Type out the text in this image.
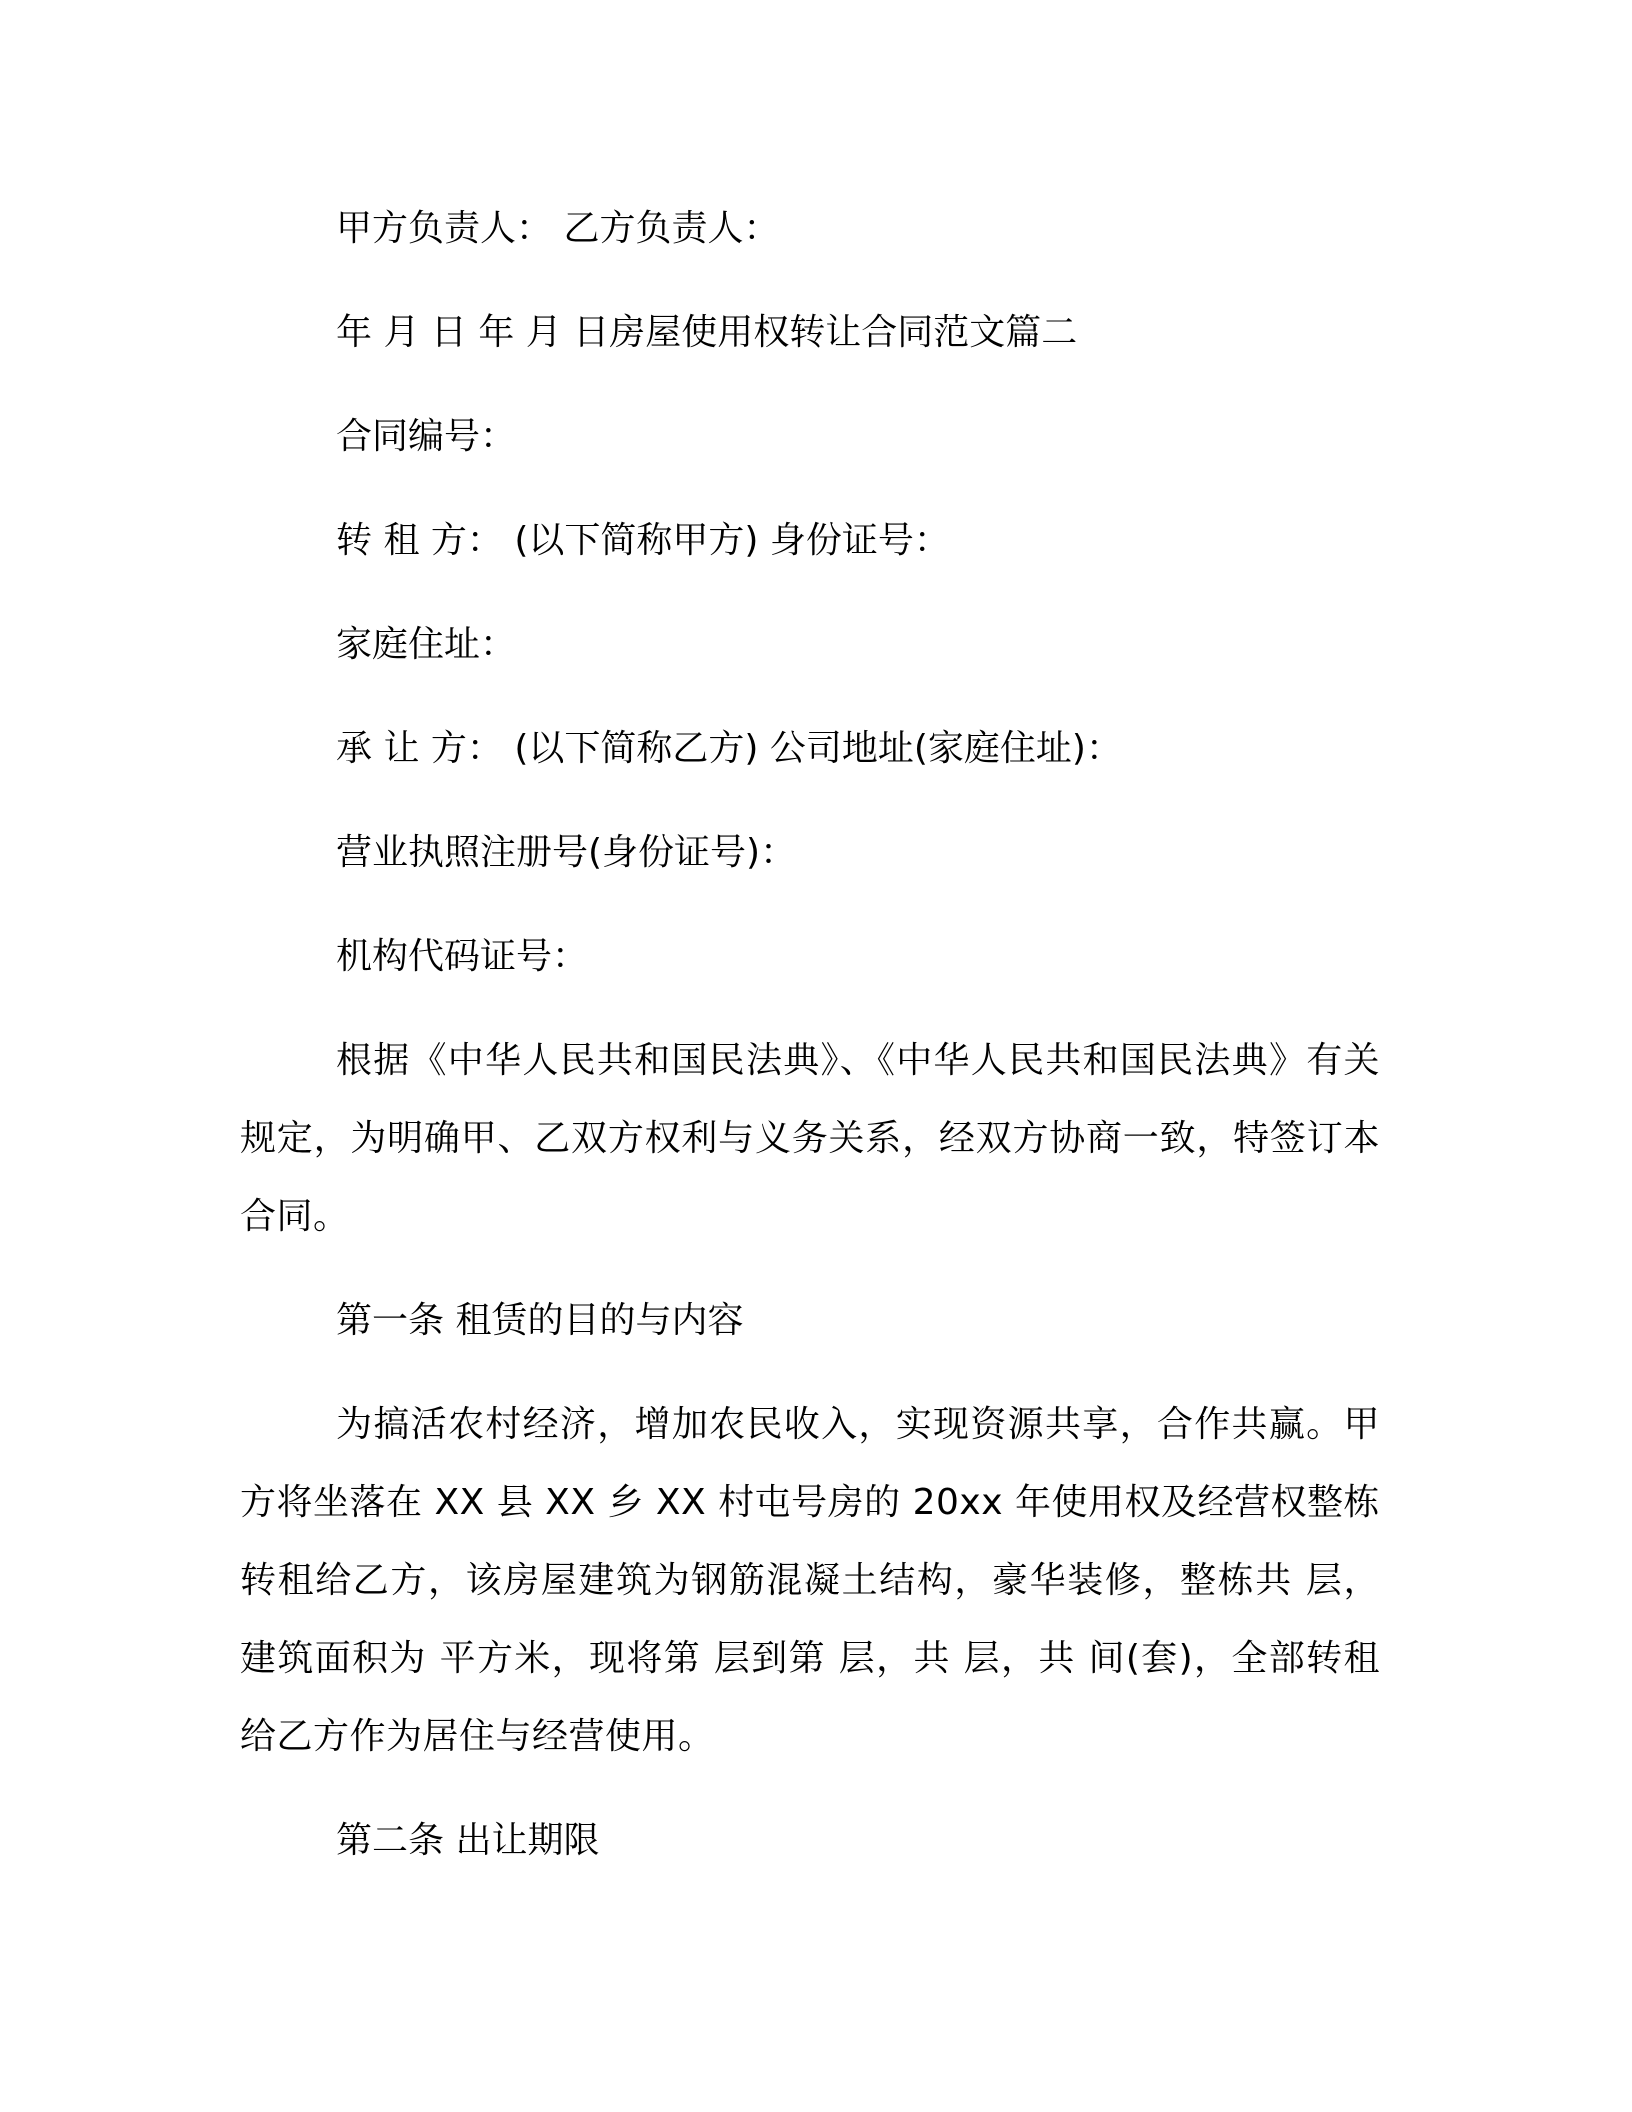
甲方负责人： 乙方负责人：
年 月 日 年 月 日房屋使用权转让合同范文篇二
合同编号：
转 租 方： (以下简称甲方) 身份证号：
家庭住址：
承 让 方： (以下简称乙方) 公司地址(家庭住址)：
营业执照注册号(身份证号)：
机构代码证号：
根据《中华人民共和国民法典》、《中华人民共和国民法典》有关规定，为明确甲、乙双方权利与义务关系，经双方协商一致，特签订本合同。
第一条 租赁的目的与内容
为搞活农村经济，增加农民收入，实现资源共享，合作共赢。甲方将坐落在 XX 县 XX 乡 XX 村屯号房的 20xx 年使用权及经营权整栋转租给乙方，该房屋建筑为钢筋混凝土结构，豪华装修，整栋共 层，建筑面积为 平方米，现将第 层到第 层，共 层，共 间(套)，全部转租给乙方作为居住与经营使用。
第二条 出让期限
